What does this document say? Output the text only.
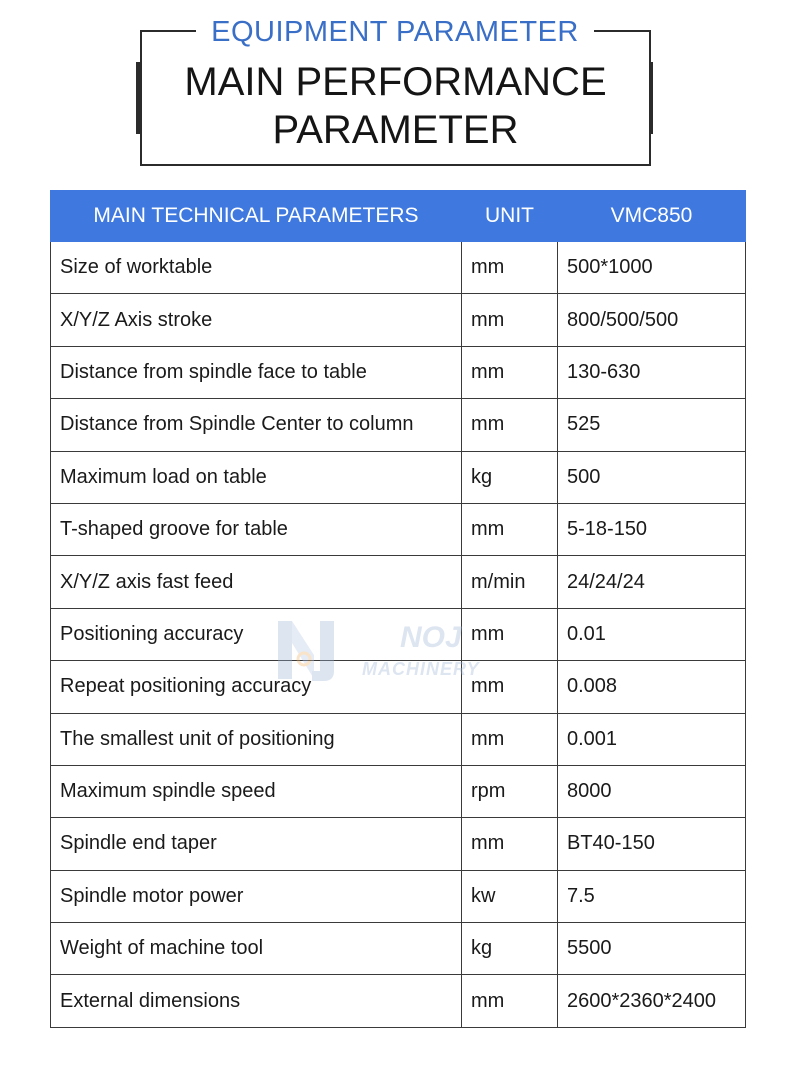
EQUIPMENT PARAMETER
MAIN PERFORMANCE
PARAMETER
MAIN TECHNICAL PARAMETERS	UNIT	VMC850
Size of worktable	mm	500*1000
X/Y/Z Axis stroke	mm	800/500/500
Distance from spindle face to table	mm	130-630
Distance from Spindle Center to column	mm	525
Maximum load on table	kg	500
T-shaped groove for table	mm	5-18-150
X/Y/Z axis fast feed	m/min	24/24/24
Positioning accuracy	mm	0.01
Repeat positioning accuracy	mm	0.008
The smallest unit of positioning	mm	0.001
Maximum spindle speed	rpm	8000
Spindle end taper	mm	BT40-150
Spindle motor power	kw	7.5
Weight of machine tool	kg	5500
External dimensions	mm	2600*2360*2400
NOJ
MACHINERY
